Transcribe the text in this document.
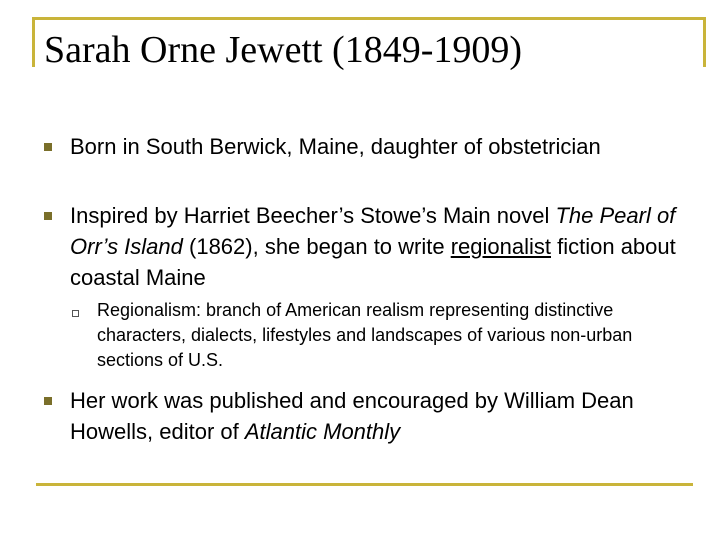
Sarah Orne Jewett (1849-1909)
Born in South Berwick, Maine, daughter of obstetrician
Inspired by Harriet Beecher’s Stowe’s Main novel The Pearl of Orr’s Island (1862), she began to write regionalist fiction about coastal Maine
Regionalism: branch of American realism representing distinctive characters, dialects, lifestyles and landscapes of various non-urban sections of U.S.
Her work was published and encouraged by William Dean Howells, editor of Atlantic Monthly
